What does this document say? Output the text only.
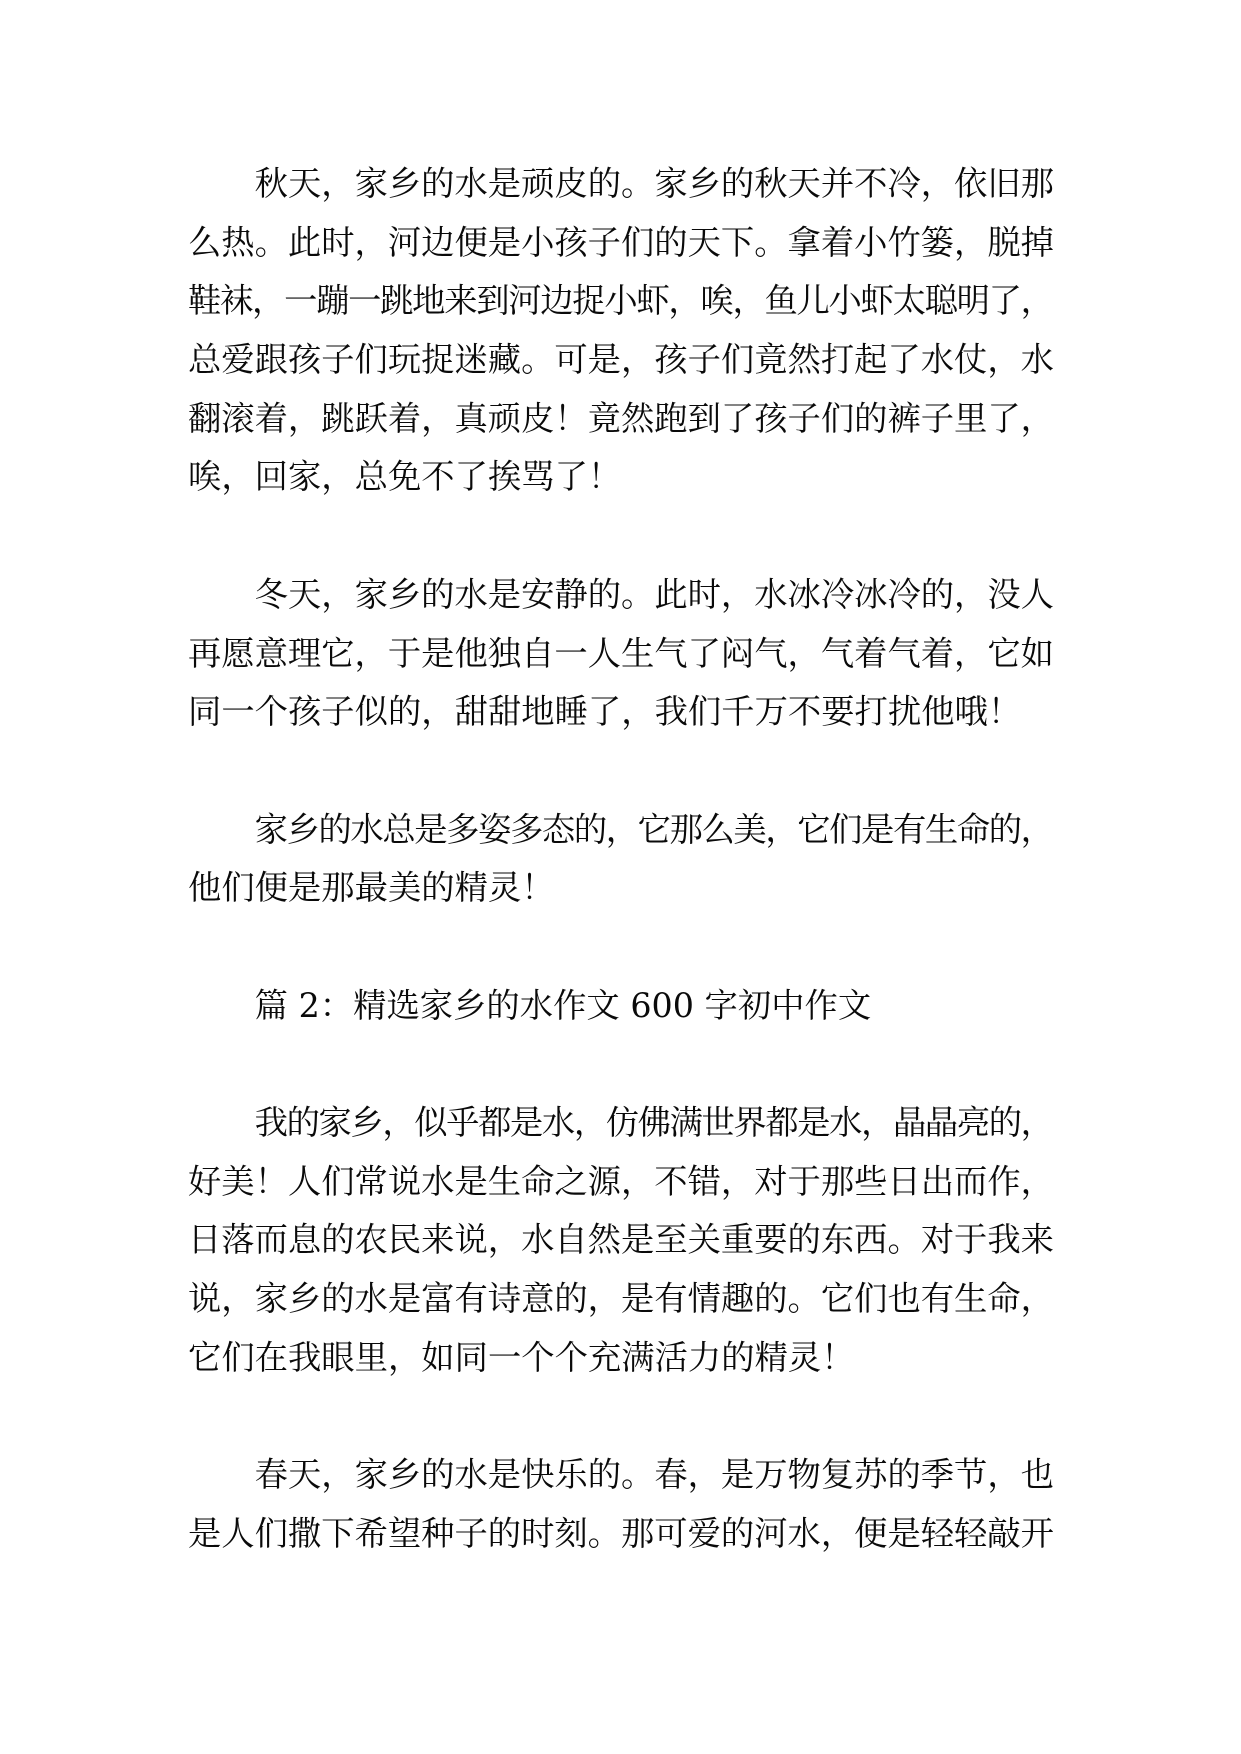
秋天，家乡的水是顽皮的。家乡的秋天并不冷，依旧那
么热。此时，河边便是小孩子们的天下。拿着小竹篓，脱掉
鞋袜，一蹦一跳地来到河边捉小虾，唉，鱼儿小虾太聪明了，
总爱跟孩子们玩捉迷藏。可是，孩子们竟然打起了水仗，水
翻滚着，跳跃着，真顽皮！竟然跑到了孩子们的裤子里了，
唉，回家，总免不了挨骂了！
冬天，家乡的水是安静的。此时，水冰冷冰冷的，没人
再愿意理它，于是他独自一人生气了闷气，气着气着，它如
同一个孩子似的，甜甜地睡了，我们千万不要打扰他哦！
家乡的水总是多姿多态的，它那么美，它们是有生命的，
他们便是那最美的精灵！
篇 2：精选家乡的水作文 600 字初中作文
我的家乡，似乎都是水，仿佛满世界都是水，晶晶亮的，
好美！人们常说水是生命之源，不错，对于那些日出而作，
日落而息的农民来说，水自然是至关重要的东西。对于我来
说，家乡的水是富有诗意的，是有情趣的。它们也有生命，
它们在我眼里，如同一个个充满活力的精灵！
春天，家乡的水是快乐的。春，是万物复苏的季节，也
是人们撒下希望种子的时刻。那可爱的河水，便是轻轻敲开
